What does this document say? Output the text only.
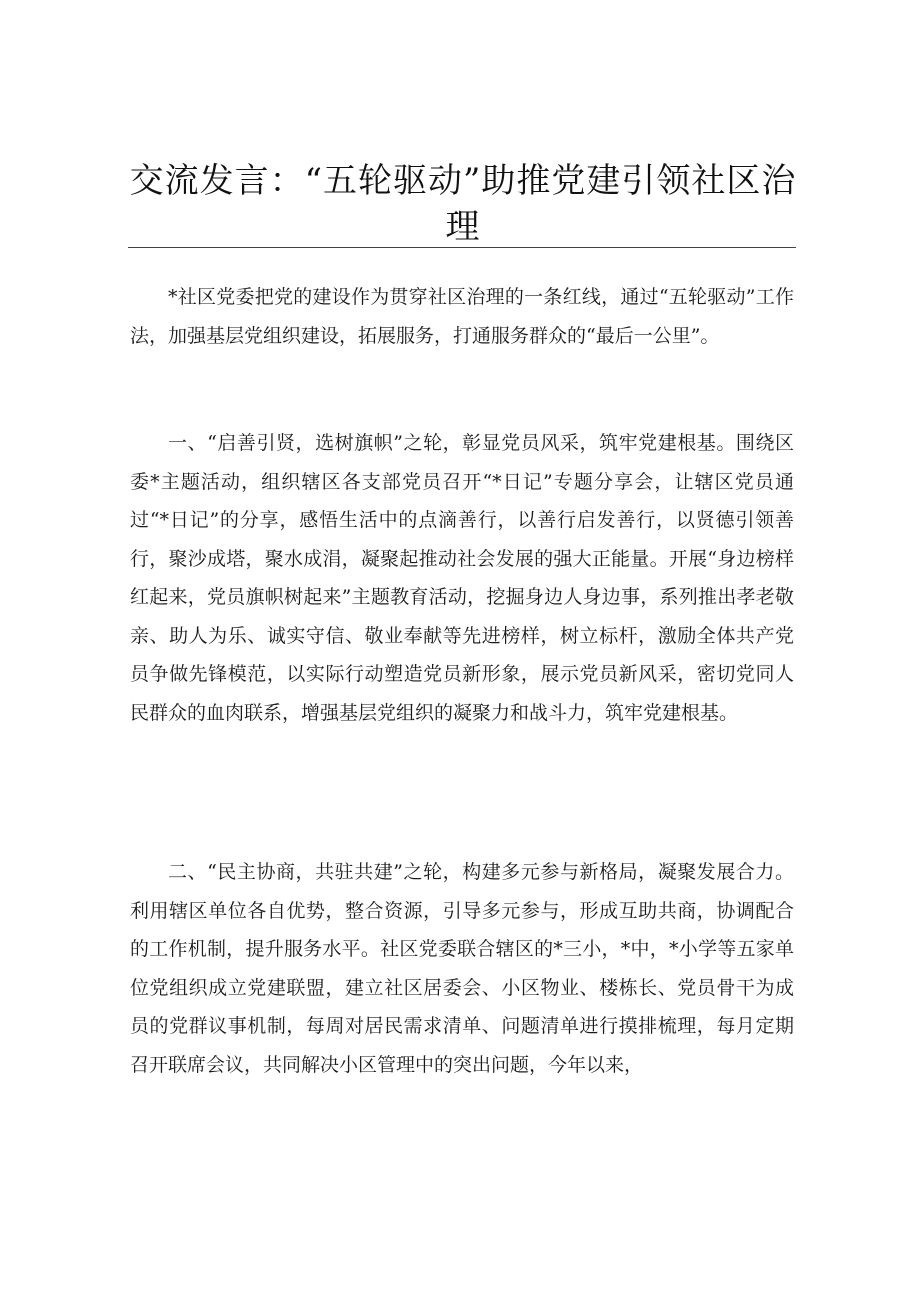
交流发言：“五轮驱动”助推党建引领社区治理

*社区党委把党的建设作为贯穿社区治理的一条红线，通过“五轮驱动”工作法，加强基层党组织建设，拓展服务，打通服务群众的“最后一公里”。

一、“启善引贤，选树旗帜”之轮，彰显党员风采，筑牢党建根基。围绕区委*主题活动，组织辖区各支部党员召开“*日记”专题分享会，让辖区党员通过“*日记”的分享，感悟生活中的点滴善行，以善行启发善行，以贤德引领善行，聚沙成塔，聚水成涓，凝聚起推动社会发展的强大正能量。开展“身边榜样红起来，党员旗帜树起来”主题教育活动，挖掘身边人身边事，系列推出孝老敬亲、助人为乐、诚实守信、敬业奉献等先进榜样，树立标杆，激励全体共产党员争做先锋模范，以实际行动塑造党员新形象，展示党员新风采，密切党同人民群众的血肉联系，增强基层党组织的凝聚力和战斗力，筑牢党建根基。

二、“民主协商，共驻共建”之轮，构建多元参与新格局，凝聚发展合力。利用辖区单位各自优势，整合资源，引导多元参与，形成互助共商，协调配合的工作机制，提升服务水平。社区党委联合辖区的*三小，*中，*小学等五家单位党组织成立党建联盟，建立社区居委会、小区物业、楼栋长、党员骨干为成员的党群议事机制，每周对居民需求清单、问题清单进行摸排梳理，每月定期召开联席会议，共同解决小区管理中的突出问题，今年以来，
